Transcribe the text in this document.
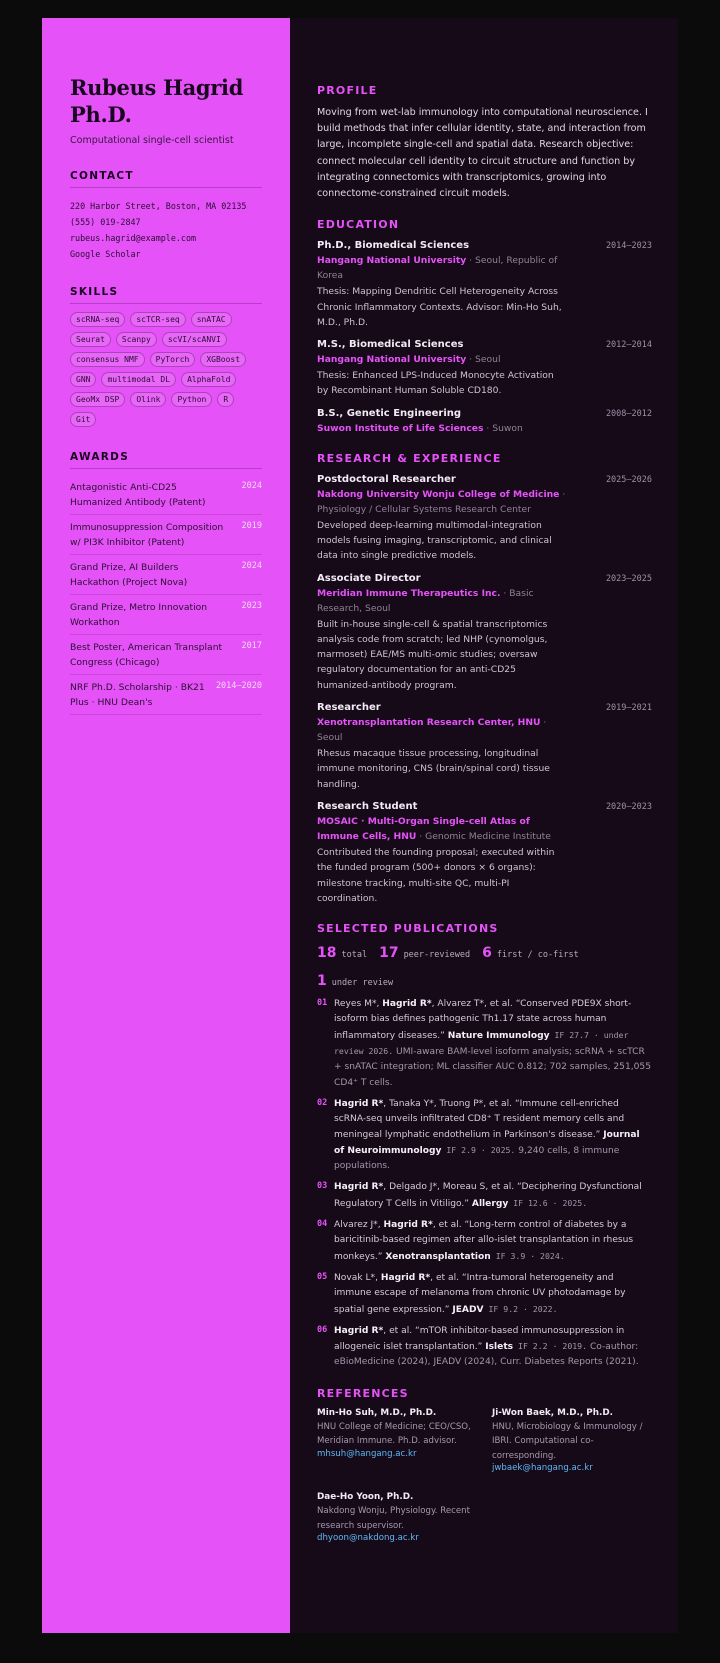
Rubeus Hagrid Ph.D.
Computational single-cell scientist
CONTACT
220 Harbor Street, Boston, MA 02135
(555) 019-2847
rubeus.hagrid@example.com
Google Scholar
SKILLS
scRNA-seq	scTCR-seq	snATAC
Seurat	Scanpy	scVI/scANVI
consensus NMF	PyTorch	XGBoost
GNN	multimodal DL	AlphaFold
GeoMx DSP	Olink	Python	R
Git
AWARDS
Antagonistic Anti-CD25 Humanized Antibody (Patent)
2024
Immunosuppression Composition w/ PI3K Inhibitor (Patent)
2019
Grand Prize, AI Builders Hackathon (Project Nova)
2024
Grand Prize, Metro Innovation Workathon
2023
Best Poster, American Transplant Congress (Chicago)
2017
NRF Ph.D. Scholarship · BK21 Plus · HNU Dean's
2014–2020
PROFILE
Moving from wet-lab immunology into computational neuroscience. I build methods that infer cellular identity, state, and interaction from large, incomplete single-cell and spatial data. Research objective: connect molecular cell identity to circuit structure and function by integrating connectomics with transcriptomics, growing into connectome-constrained circuit models.
EDUCATION
Ph.D., Biomedical Sciences	2014–2023
Hangang National University · Seoul, Republic of Korea
Thesis: Mapping Dendritic Cell Heterogeneity Across Chronic Inflammatory Contexts. Advisor: Min-Ho Suh, M.D., Ph.D.
M.S., Biomedical Sciences	2012–2014
Hangang National University · Seoul
Thesis: Enhanced LPS-Induced Monocyte Activation by Recombinant Human Soluble CD180.
B.S., Genetic Engineering	2008–2012
Suwon Institute of Life Sciences · Suwon
RESEARCH & EXPERIENCE
Postdoctoral Researcher	2025–2026
Nakdong University Wonju College of Medicine · Physiology / Cellular Systems Research Center
Developed deep-learning multimodal-integration models fusing imaging, transcriptomic, and clinical data into single predictive models.
Associate Director	2023–2025
Meridian Immune Therapeutics Inc. · Basic Research, Seoul
Built in-house single-cell & spatial transcriptomics analysis code from scratch; led NHP (cynomolgus, marmoset) EAE/MS multi-omic studies; oversaw regulatory documentation for an anti-CD25 humanized-antibody program.
Researcher	2019–2021
Xenotransplantation Research Center, HNU · Seoul
Rhesus macaque tissue processing, longitudinal immune monitoring, CNS (brain/spinal cord) tissue handling.
Research Student	2020–2023
MOSAIC · Multi-Organ Single-cell Atlas of Immune Cells, HNU · Genomic Medicine Institute
Contributed the founding proposal; executed within the funded program (500+ donors × 6 organs): milestone tracking, multi-site QC, multi-PI coordination.
SELECTED PUBLICATIONS
18 total 17 peer-reviewed 6 first / co-first
1 under review
01 Reyes M*, Hagrid R*, Alvarez T*, et al. “Conserved PDE9X short-isoform bias defines pathogenic Th1.17 state across human inflammatory diseases.” Nature Immunology IF 27.7 · under review 2026. UMI-aware BAM-level isoform analysis; scRNA + scTCR + snATAC integration; ML classifier AUC 0.812; 702 samples, 251,055 CD4⁺ T cells.
02 Hagrid R*, Tanaka Y*, Truong P*, et al. “Immune cell-enriched scRNA-seq unveils infiltrated CD8⁺ T resident memory cells and meningeal lymphatic endothelium in Parkinson's disease.” Journal of Neuroimmunology IF 2.9 · 2025. 9,240 cells, 8 immune populations.
03 Hagrid R*, Delgado J*, Moreau S, et al. “Deciphering Dysfunctional Regulatory T Cells in Vitiligo.” Allergy IF 12.6 · 2025.
04 Alvarez J*, Hagrid R*, et al. “Long-term control of diabetes by a baricitinib-based regimen after allo-islet transplantation in rhesus monkeys.” Xenotransplantation IF 3.9 · 2024.
05 Novak L*, Hagrid R*, et al. “Intra-tumoral heterogeneity and immune escape of melanoma from chronic UV photodamage by spatial gene expression.” JEADV IF 9.2 · 2022.
06 Hagrid R*, et al. “mTOR inhibitor-based immunosuppression in allogeneic islet transplantation.” Islets IF 2.2 · 2019. Co-author: eBioMedicine (2024), JEADV (2024), Curr. Diabetes Reports (2021).
REFERENCES
Min-Ho Suh, M.D., Ph.D.
HNU College of Medicine; CEO/CSO, Meridian Immune. Ph.D. advisor.
mhsuh@hangang.ac.kr
Ji-Won Baek, M.D., Ph.D.
HNU, Microbiology & Immunology / IBRI. Computational co-corresponding.
jwbaek@hangang.ac.kr
Dae-Ho Yoon, Ph.D.
Nakdong Wonju, Physiology. Recent research supervisor.
dhyoon@nakdong.ac.kr
